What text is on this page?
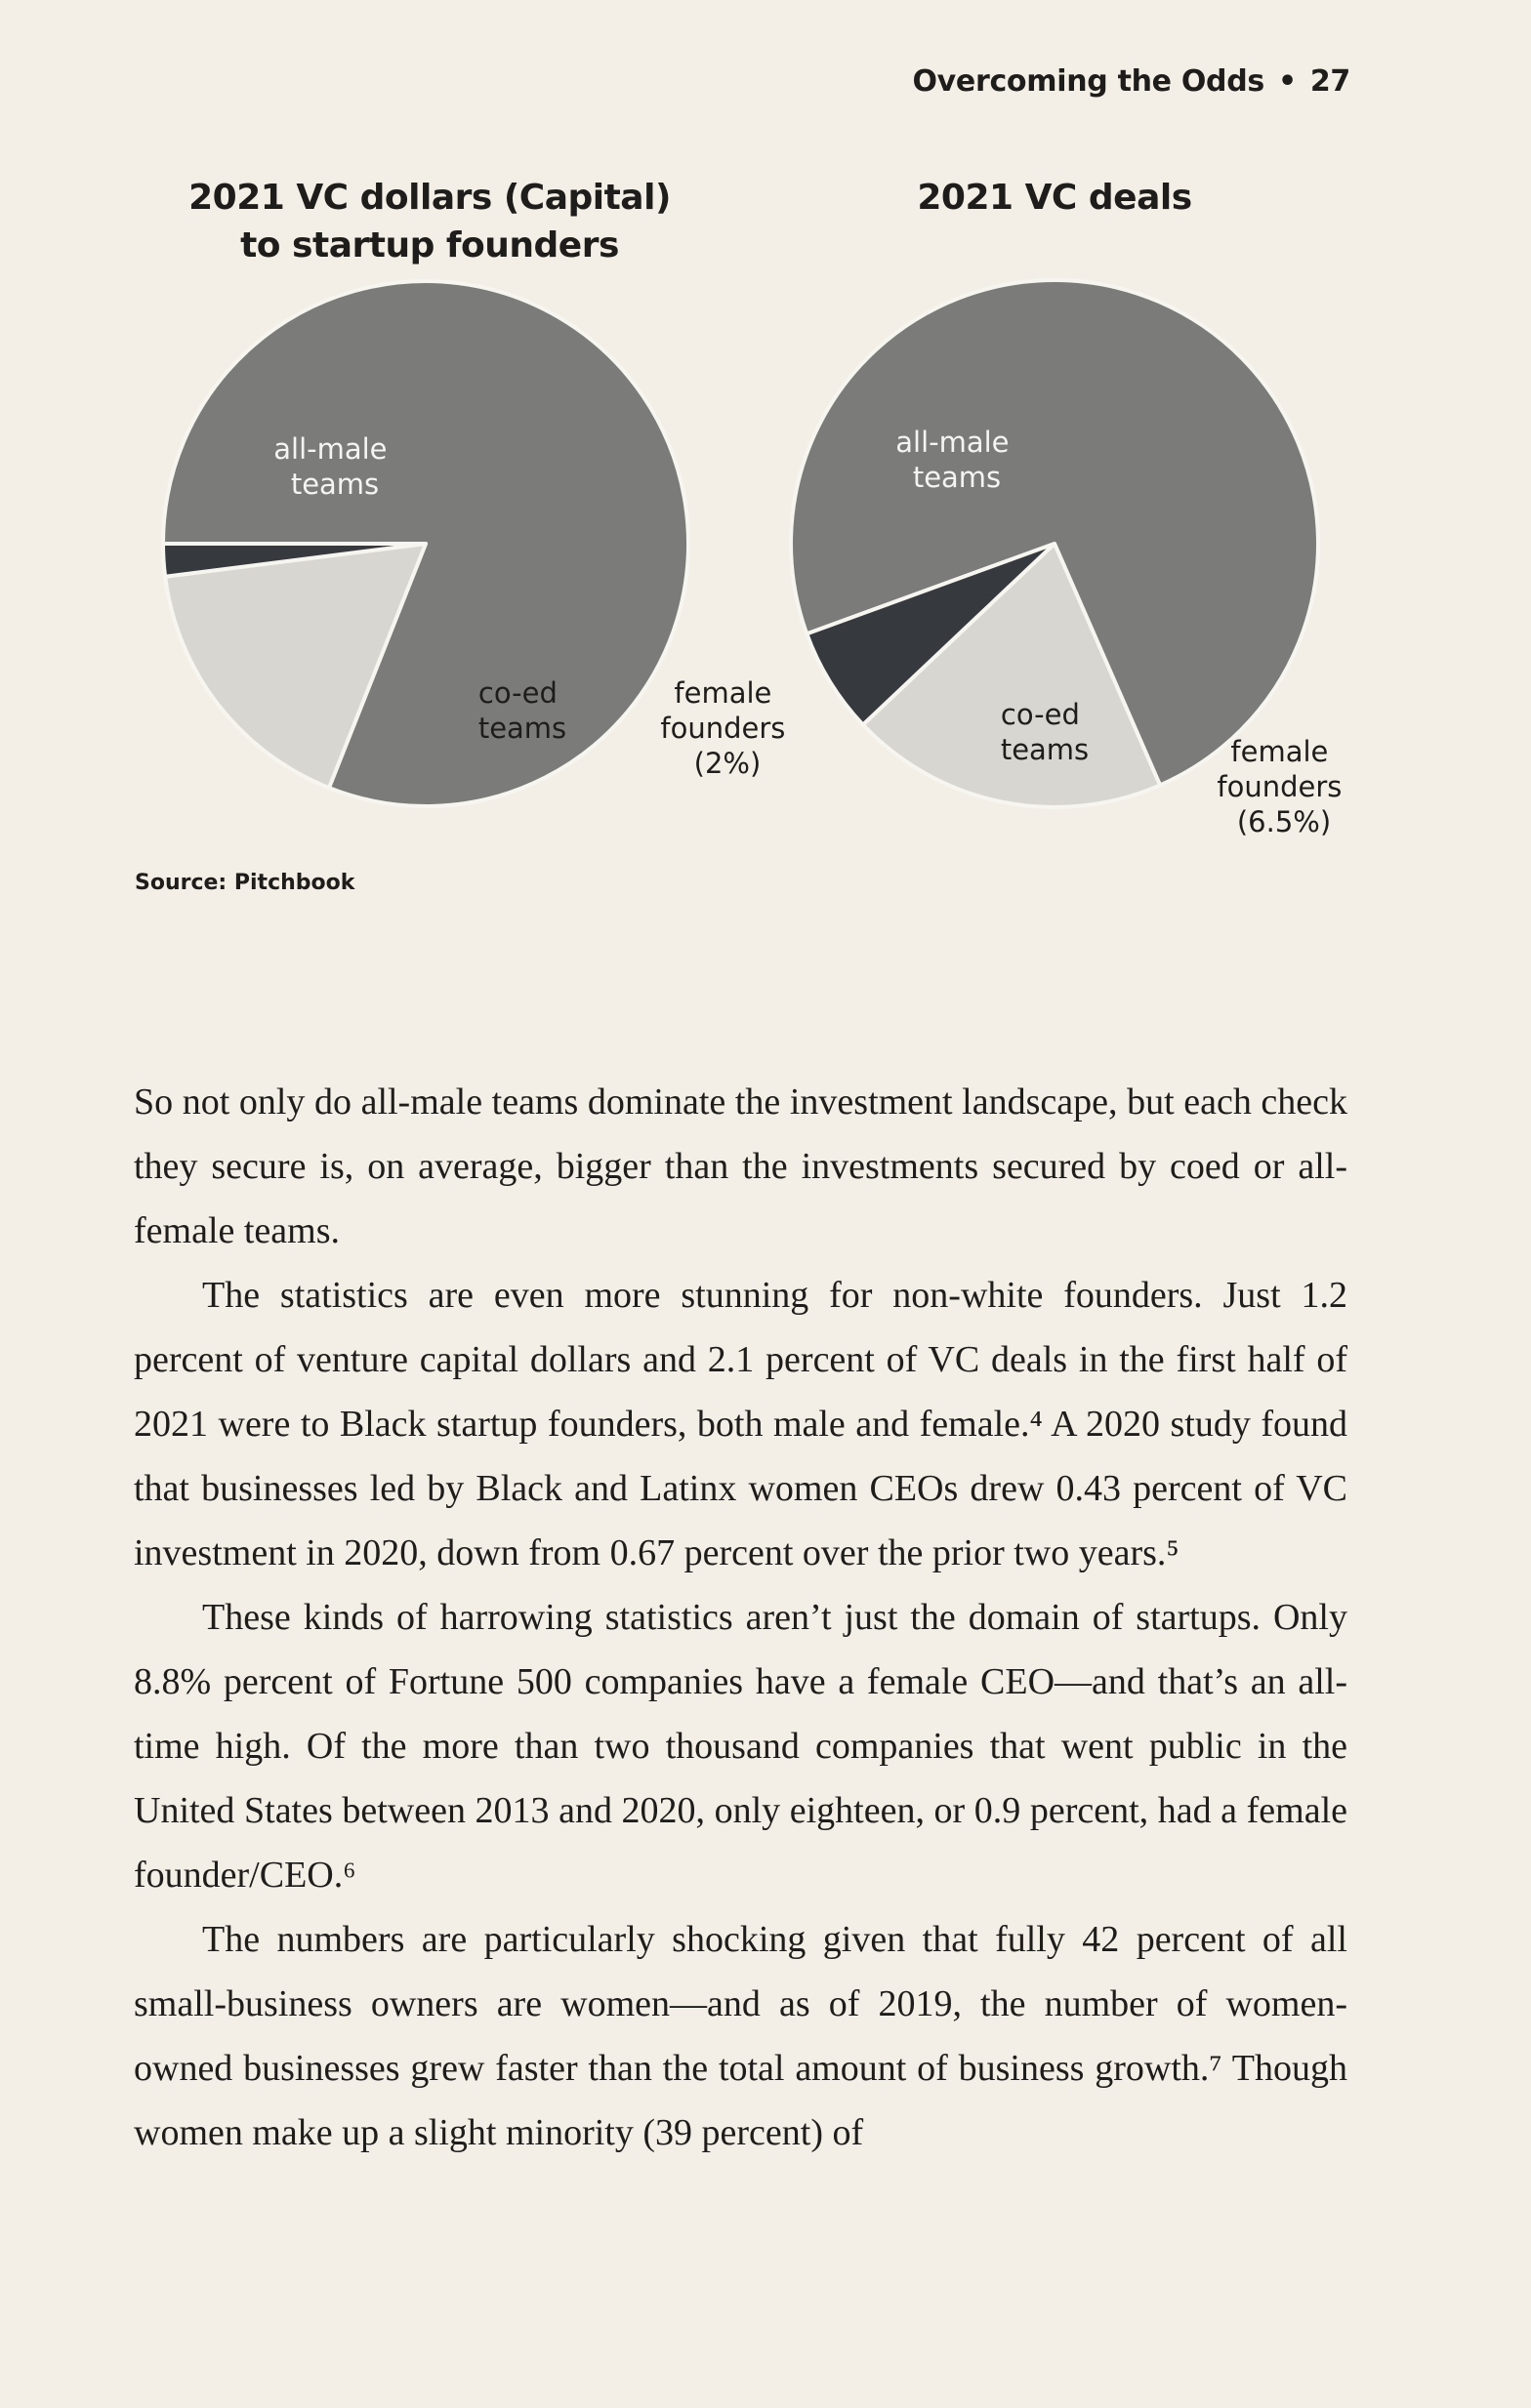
Overcoming the Odds • 27
2021 VC dollars (Capital)
to startup founders
2021 VC deals
all-male teams
co-ed teams
female founders (2%)
all-male teams
co-ed teams	female founders (6.5%)
Source: Pitchbook

So not only do all-male teams dominate the investment landscape, but each check they secure is, on average, bigger than the investments secured by coed or all-female teams.

The statistics are even more stunning for non-white founders. Just 1.2 percent of venture capital dollars and 2.1 percent of VC deals in the first half of 2021 were to Black startup founders, both male and female.⁴ A 2020 study found that businesses led by Black and Latinx women CEOs drew 0.43 percent of VC investment in 2020, down from 0.67 percent over the prior two years.⁵

These kinds of harrowing statistics aren’t just the domain of startups. Only 8.8% percent of Fortune 500 companies have a female CEO—and that’s an all-time high. Of the more than two thousand companies that went public in the United States between 2013 and 2020, only eighteen, or 0.9 percent, had a female founder/CEO.⁶

The numbers are particularly shocking given that fully 42 percent of all small-business owners are women—and as of 2019, the number of women-owned businesses grew faster than the total amount of business growth.⁷ Though women make up a slight minority (39 percent) of
